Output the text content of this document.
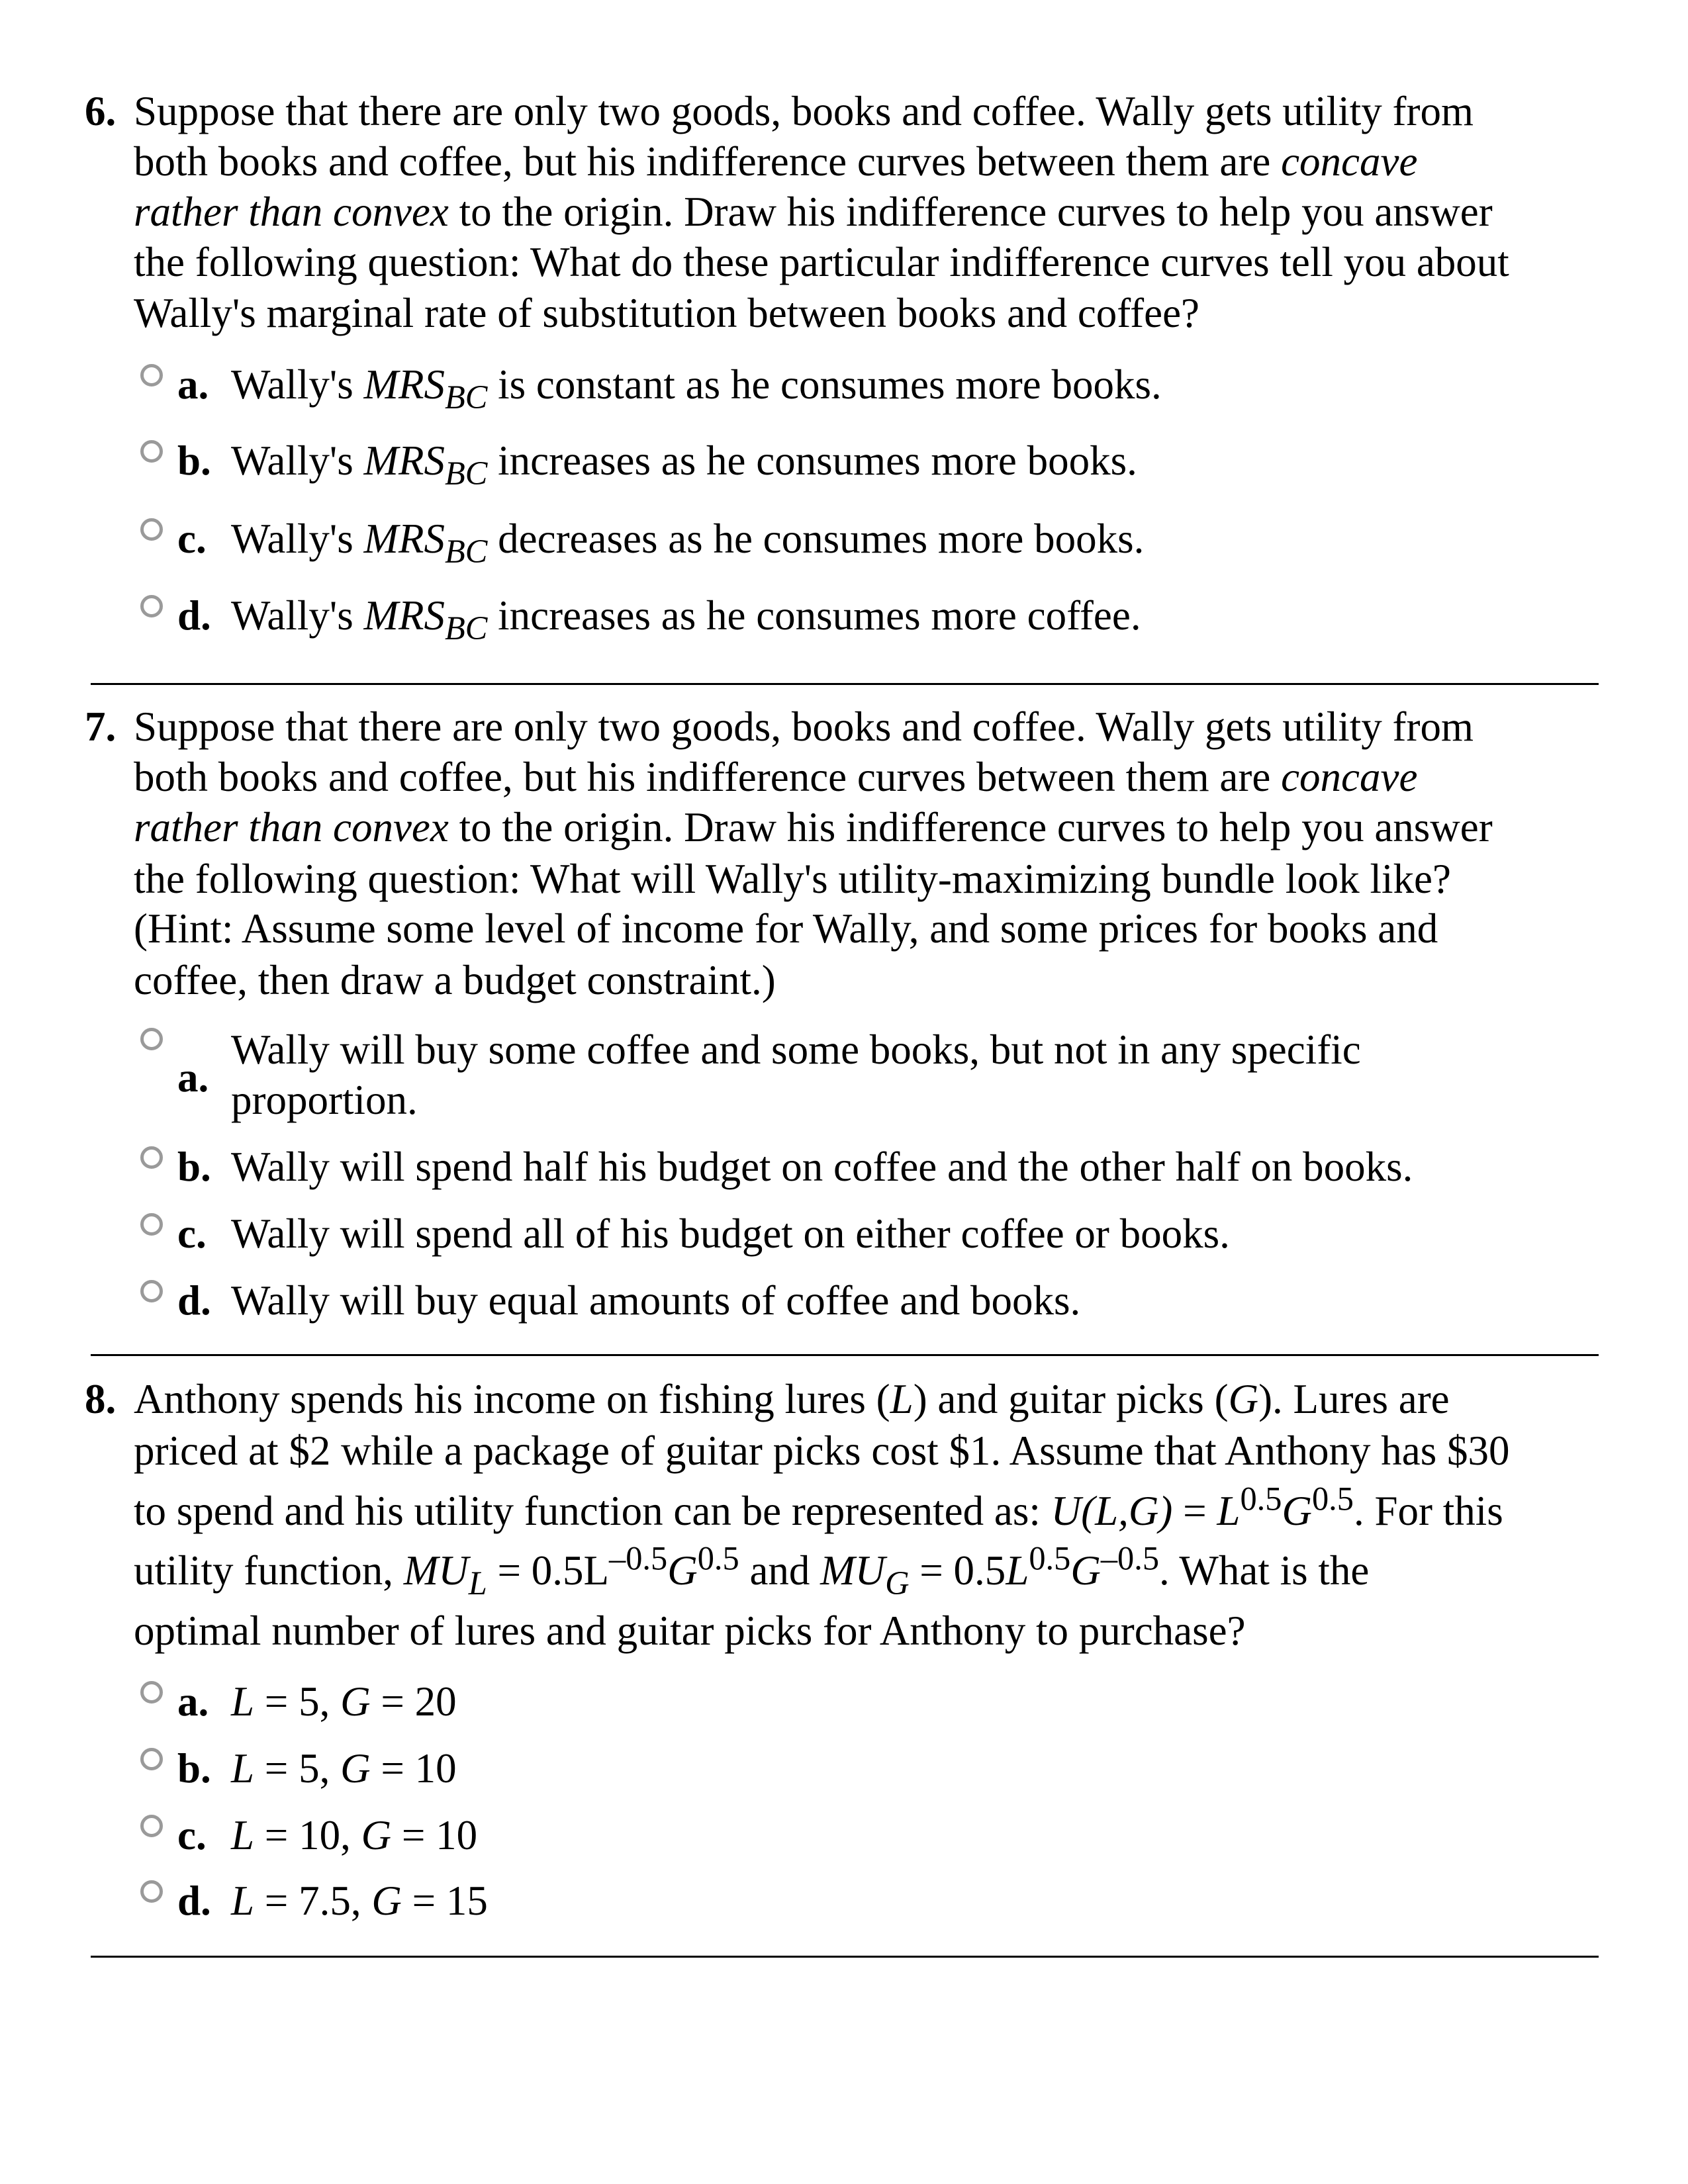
6. Suppose that there are only two goods, books and coffee. Wally gets utility from
both books and coffee, but his indifference curves between them are concave
rather than convex to the origin. Draw his indifference curves to help you answer
the following question: What do these particular indifference curves tell you about
Wally's marginal rate of substitution between books and coffee?
a. Wally's $MRS_{BC}$ is constant as he consumes more books.
b. Wally's $MRS_{BC}$ increases as he consumes more books.
c. Wally's $MRS_{BC}$ decreases as he consumes more books.
d. Wally's $MRS_{BC}$ increases as he consumes more coffee.
7. Suppose that there are only two goods, books and coffee. Wally gets utility from
both books and coffee, but his indifference curves between them are concave
rather than convex to the origin. Draw his indifference curves to help you answer
the following question: What will Wally's utility-maximizing bundle look like?
(Hint: Assume some level of income for Wally, and some prices for books and
coffee, then draw a budget constraint.)
a.
Wally will buy some coffee and some books, but not in any specific
proportion.
b. Wally will spend half his budget on coffee and the other half on books.
c. Wally will spend all of his budget on either coffee or books.
d. Wally will buy equal amounts of coffee and books.
8. Anthony spends his income on fishing lures (L) and guitar picks (G). Lures are
priced at $2 while a package of guitar picks cost $1. Assume that Anthony has $30
to spend and his utility function can be represented as: $U(L,G) = L^{0.5}G^{0.5}$. For this
utility function, $MU_L = 0.5L^{-0.5}G^{0.5}$ and $MU_G = 0.5L^{0.5}G^{-0.5}$. What is the
optimal number of lures and guitar picks for Anthony to purchase?
a. L = 5, G = 20
b. L = 5, G = 10
c. L = 10, G = 10
d. L = 7.5, G = 15
